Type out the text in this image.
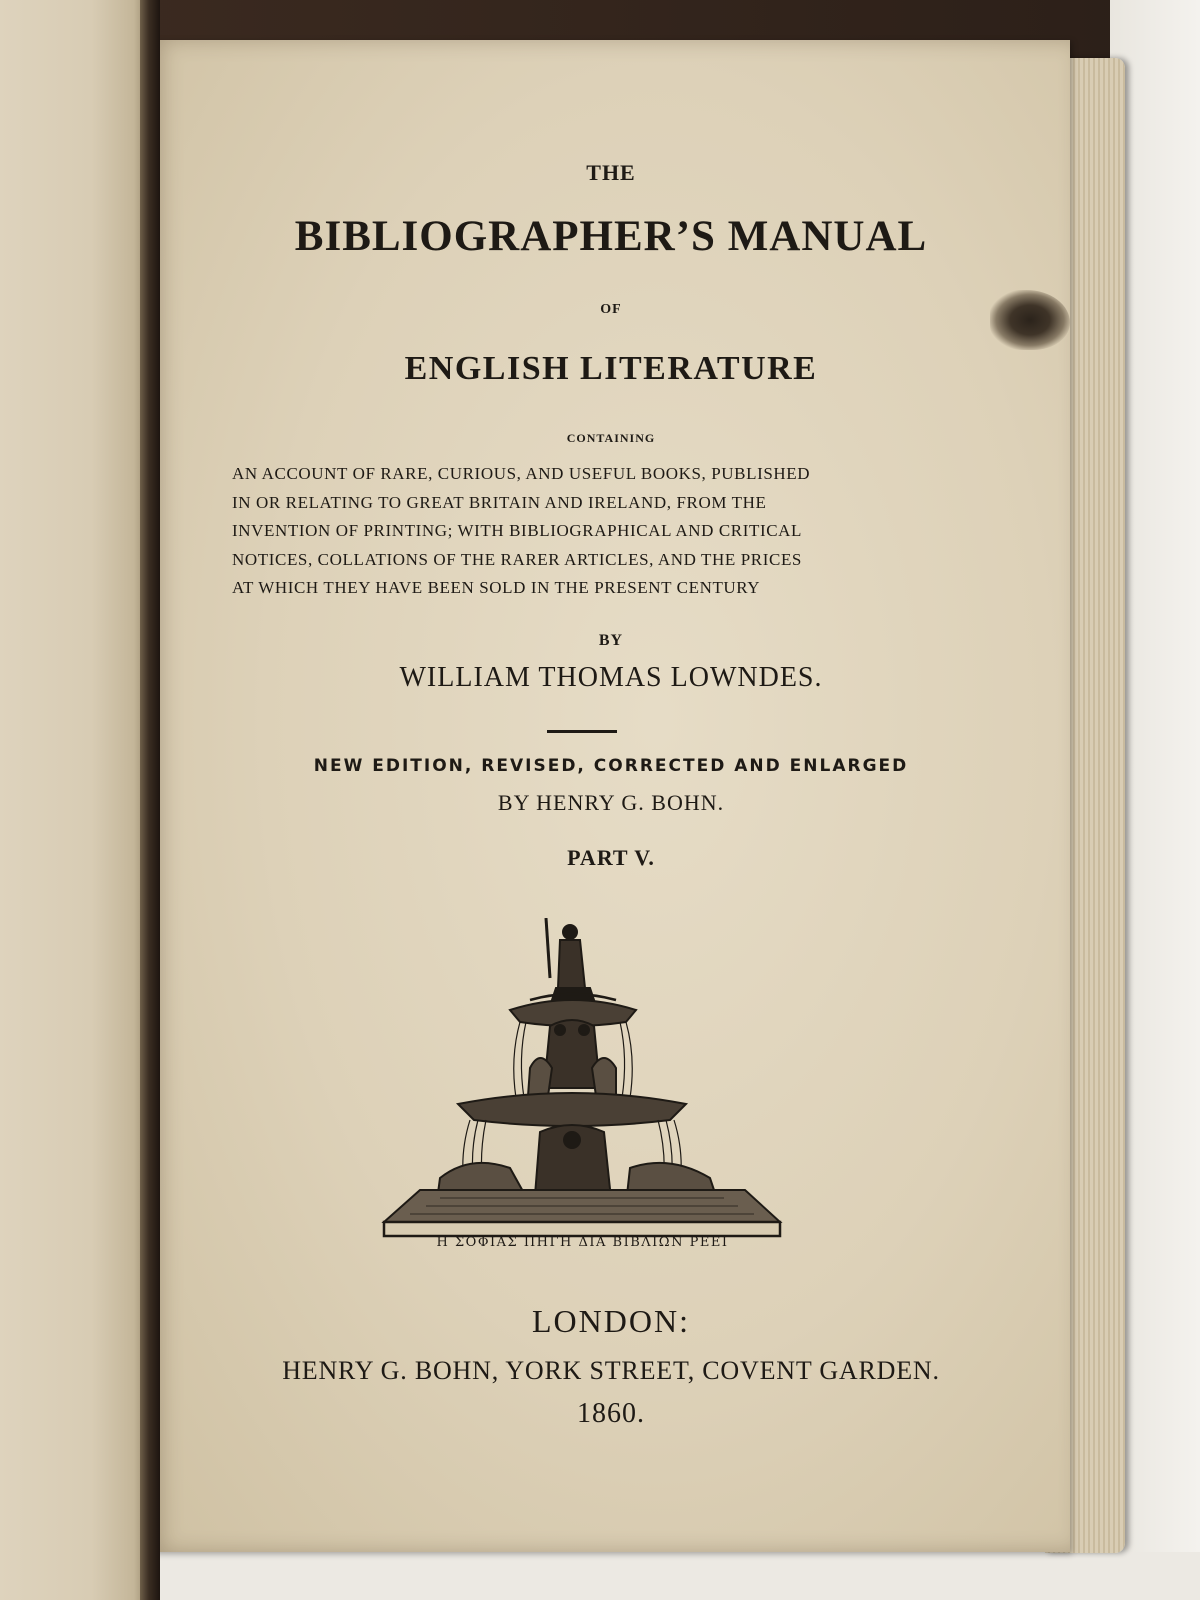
THE
BIBLIOGRAPHER’S MANUAL
OF
ENGLISH LITERATURE
CONTAINING
AN ACCOUNT OF RARE, CURIOUS, AND USEFUL BOOKS, PUBLISHED
IN OR RELATING TO GREAT BRITAIN AND IRELAND, FROM THE
INVENTION OF PRINTING; WITH BIBLIOGRAPHICAL AND CRITICAL
NOTICES, COLLATIONS OF THE RARER ARTICLES, AND THE PRICES
AT WHICH THEY HAVE BEEN SOLD IN THE PRESENT CENTURY
BY
WILLIAM THOMAS LOWNDES.
NEW EDITION, REVISED, CORRECTED AND ENLARGED
BY HENRY G. BOHN.
PART V.
Η ΣΟΦΙΑΣ ΠΗΓΗ ΔΙΑ ΒΙΒΛΙΩΝ ΡΕΕΙ
LONDON:
HENRY G. BOHN, YORK STREET, COVENT GARDEN.
1860.
